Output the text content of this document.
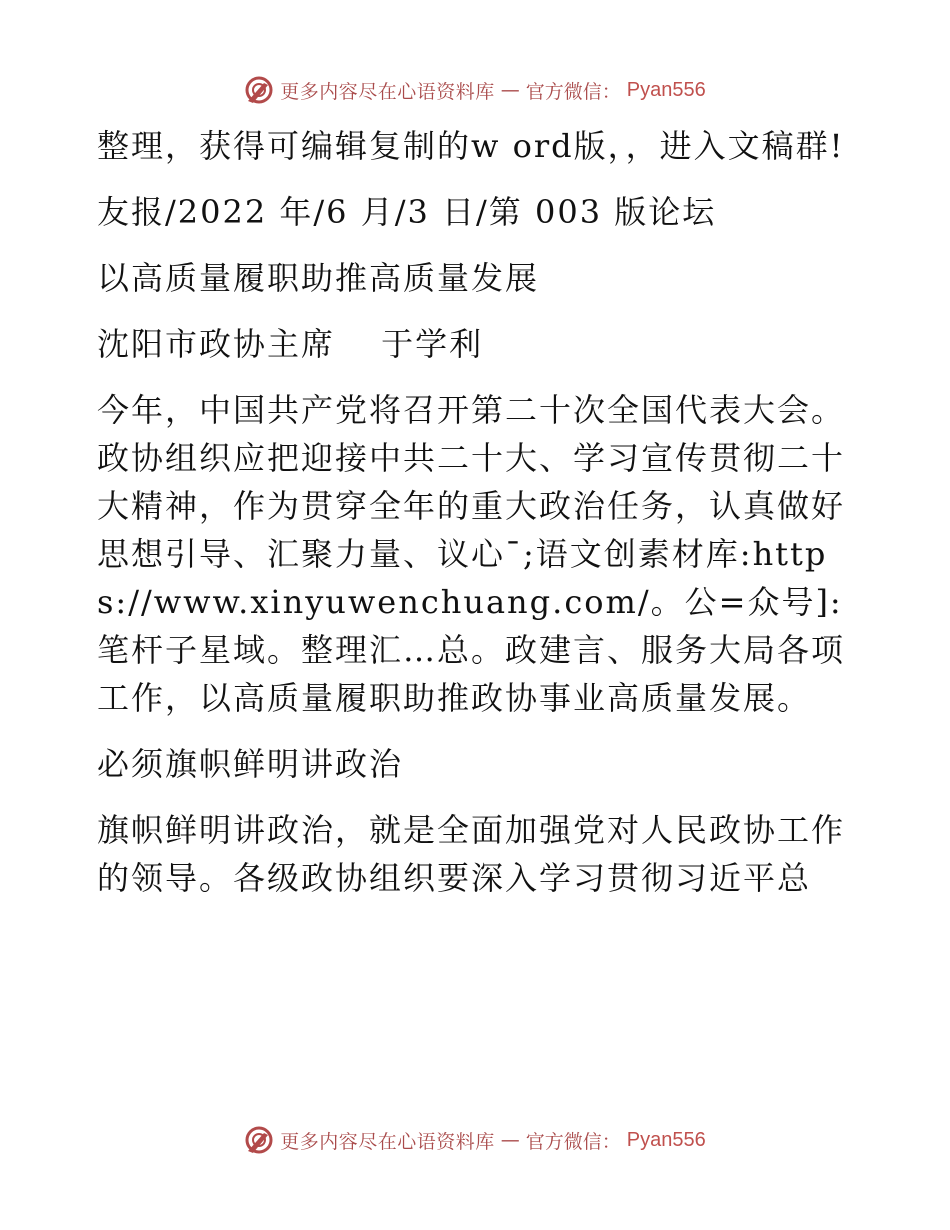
更多内容尽在心语资料库 — 官方微信： Pyan556

整理，获得可编辑复制的w ord版，，进入文稿群!

友报/2022 年/6 月/3 日/第 003 版论坛

以高质量履职助推高质量发展

沈阳市政协主席　 于学利

今年，中国共产党将召开第二十次全国代表大会。政协组织应把迎接中共二十大、学习宣传贯彻二十大精神，作为贯穿全年的重大政治任务，认真做好思想引导、汇聚力量、议心¯;语文创素材库:https://www.xinyuwenchuang.com/。公=众号]:笔杆子星域。整理汇…总。政建言、服务大局各项工作，以高质量履职助推政协事业高质量发展。

必须旗帜鲜明讲政治

旗帜鲜明讲政治，就是全面加强党对人民政协工作的领导。各级政协组织要深入学习贯彻习近平总

更多内容尽在心语资料库 — 官方微信： Pyan556
